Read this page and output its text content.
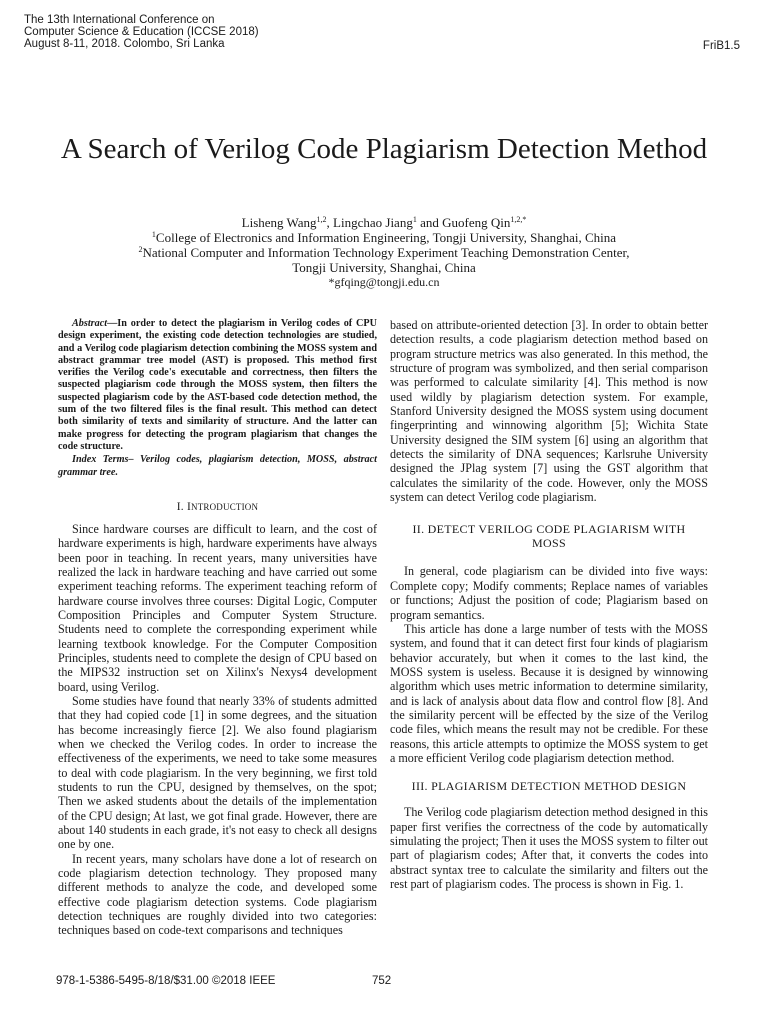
The 13th International Conference on
Computer Science & Education (ICCSE 2018)
August 8-11, 2018. Colombo, Sri Lanka	FriB1.5
A Search of Verilog Code Plagiarism Detection Method
Lisheng Wang$^{1,2}$, Lingchao Jiang$^1$ and Guofeng Qin$^{1,2,*}$
$^1$College of Electronics and Information Engineering, Tongji University, Shanghai, China
$^2$National Computer and Information Technology Experiment Teaching Demonstration Center,
Tongji University, Shanghai, China
*gfqing@tongji.edu.cn

Abstract—In order to detect the plagiarism in Verilog codes of CPU design experiment, the existing code detection technologies are studied, and a Verilog code plagiarism detection combining the MOSS system and abstract grammar tree model (AST) is proposed. This method first verifies the Verilog code's executable and correctness, then filters the suspected plagiarism code through the MOSS system, then filters the suspected plagiarism code by the AST-based code detection method, the sum of the two filtered files is the final result. This method can detect both similarity of texts and similarity of structure. And the latter can make progress for detecting the program plagiarism that changes the code structure.

Index Terms– Verilog codes, plagiarism detection, MOSS, abstract grammar tree.

I. INTRODUCTION

Since hardware courses are difficult to learn, and the cost of hardware experiments is high, hardware experiments have always been poor in teaching. In recent years, many universities have realized the lack in hardware teaching and have carried out some experiment teaching reforms. The experiment teaching reform of hardware course involves three courses: Digital Logic, Computer Composition Principles and Computer System Structure. Students need to complete the corresponding experiment while learning textbook knowledge. For the Computer Composition Principles, students need to complete the design of CPU based on the MIPS32 instruction set on Xilinx's Nexys4 development board, using Verilog.

Some studies have found that nearly 33% of students admitted that they had copied code [1] in some degrees, and the situation has become increasingly fierce [2]. We also found plagiarism when we checked the Verilog codes. In order to increase the effectiveness of the experiments, we need to take some measures to deal with code plagiarism. In the very beginning, we first told students to run the CPU, designed by themselves, on the spot; Then we asked students about the details of the implementation of the CPU design; At last, we got final grade. However, there are about 140 students in each grade, it's not easy to check all designs one by one.

In recent years, many scholars have done a lot of research on code plagiarism detection technology. They proposed many different methods to analyze the code, and developed some effective code plagiarism detection systems. Code plagiarism detection techniques are roughly divided into two categories: techniques based on code-text comparisons and techniques

based on attribute-oriented detection [3]. In order to obtain better detection results, a code plagiarism detection method based on program structure metrics was also generated. In this method, the structure of program was symbolized, and then serial comparison was performed to calculate similarity [4]. This method is now used wildly by plagiarism detection system. For example, Stanford University designed the MOSS system using document fingerprinting and winnowing algorithm [5]; Wichita State University designed the SIM system [6] using an algorithm that detects the similarity of DNA sequences; Karlsruhe University designed the JPlag system [7] using the GST algorithm that calculates the similarity of the code. However, only the MOSS system can detect Verilog code plagiarism.

II. DETECT VERILOG CODE PLAGIARISM WITH MOSS

In general, code plagiarism can be divided into five ways: Complete copy; Modify comments; Replace names of variables or functions; Adjust the position of code; Plagiarism based on program semantics.

This article has done a large number of tests with the MOSS system, and found that it can detect first four kinds of plagiarism behavior accurately, but when it comes to the last kind, the MOSS system is useless. Because it is designed by winnowing algorithm which uses metric information to determine similarity, and is lack of analysis about data flow and control flow [8]. And the similarity percent will be effected by the size of the Verilog code files, which means the result may not be credible. For these reasons, this article attempts to optimize the MOSS system to get a more efficient Verilog code plagiarism detection method.

III. PLAGIARISM DETECTION METHOD DESIGN

The Verilog code plagiarism detection method designed in this paper first verifies the correctness of the code by automatically simulating the project; Then it uses the MOSS system to filter out part of plagiarism codes; After that, it converts the codes into abstract syntax tree to calculate the similarity and filters out the rest part of plagiarism codes. The process is shown in Fig. 1.

978-1-5386-5495-8/18/$31.00 ©2018 IEEE	752
